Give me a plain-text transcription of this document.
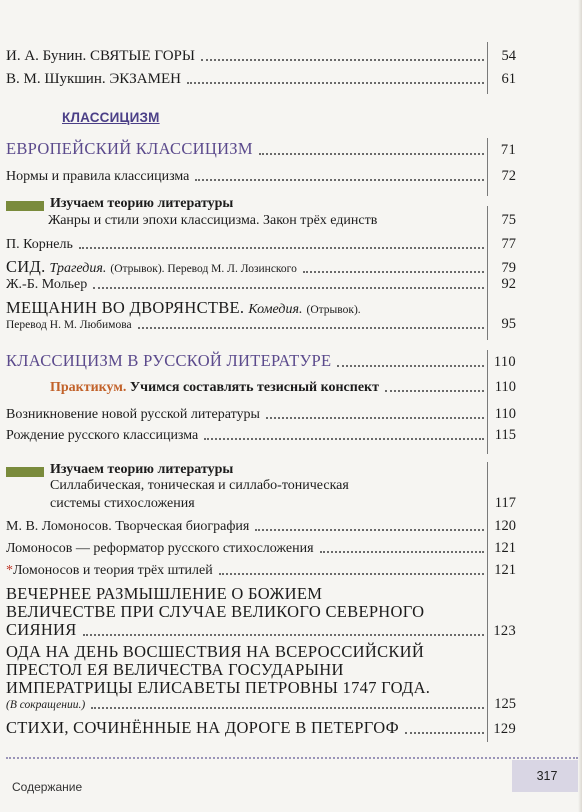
И. А. Бунин. СВЯТЫЕ ГОРЫ	54
В. М. Шукшин. ЭКЗАМЕН	61
КЛАССИЦИЗМ
ЕВРОПЕЙСКИЙ КЛАССИЦИЗМ	71
Нормы и правила классицизма	72
Изучаем теорию литературы
Жанры и стили эпохи классицизма. Закон трёх единств	75
П. Корнель	77
СИД. Трагедия. (Отрывок). Перевод М. Л. Лозинского	79
Ж.-Б. Мольер	92
МЕЩАНИН ВО ДВОРЯНСТВЕ. Комедия. (Отрывок).
Перевод Н. М. Любимова	95
КЛАССИЦИЗМ В РУССКОЙ ЛИТЕРАТУРЕ	110
Практикум. Учимся составлять тезисный конспект	110
Возникновение новой русской литературы	110
Рождение русского классицизма	115
Изучаем теорию литературы
Силлабическая, тоническая и силлабо-тоническая
системы стихосложения	117
М. В. Ломоносов. Творческая биография	120
Ломоносов — реформатор русского стихосложения	121
*Ломоносов и теория трёх штилей	121
ВЕЧЕРНЕЕ РАЗМЫШЛЕНИЕ О БОЖИЕМ
ВЕЛИЧЕСТВЕ ПРИ СЛУЧАЕ ВЕЛИКОГО СЕВЕРНОГО
СИЯНИЯ	123
ОДА НА ДЕНЬ ВОСШЕСТВИЯ НА ВСЕРОССИЙСКИЙ
ПРЕСТОЛ ЕЯ ВЕЛИЧЕСТВА ГОСУДАРЫНИ
ИМПЕРАТРИЦЫ ЕЛИСАВЕТЫ ПЕТРОВНЫ 1747 ГОДА.
(В сокращении.)	125
СТИХИ, СОЧИНЁННЫЕ НА ДОРОГЕ В ПЕТЕРГОФ	129
Содержание
317
